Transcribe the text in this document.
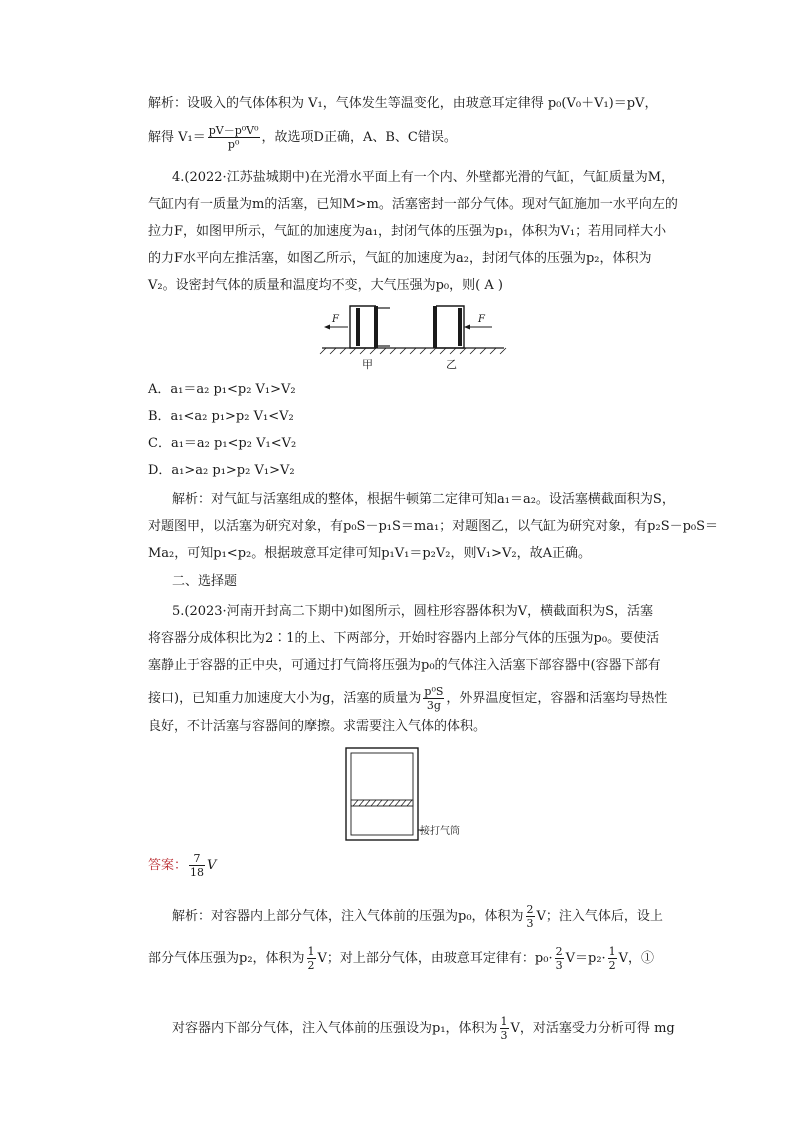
解析：设吸入的气体体积为 V₁，气体发生等温变化，由玻意耳定律得 p₀(V₀＋V₁)＝pV，
解得 $V_1= \frac{\text{pV－p⁰V⁰}}{\text{p⁰}}$ ，故选项D正确，A、B、C错误。
4.(2022·江苏盐城期中)在光滑水平面上有一个内、外壁都光滑的气缸，气缸质量为M，
气缸内有一质量为m的活塞，已知M>m。活塞密封一部分气体。现对气缸施加一水平向左的
拉力F，如图甲所示，气缸的加速度为a₁，封闭气体的压强为p₁，体积为V₁；若用同样大小
的力F水平向左推活塞，如图乙所示，气缸的加速度为a₂，封闭气体的压强为p₂，体积为
V₂。设密封气体的质量和温度均不变，大气压强为p₀，则( A )
F	F
甲	乙
A．a₁＝a₂ p₁<p₂ V₁>V₂
B．a₁<a₂ p₁>p₂ V₁<V₂
C．a₁＝a₂ p₁<p₂ V₁<V₂
D．a₁>a₂ p₁>p₂ V₁>V₂
解析：对气缸与活塞组成的整体，根据牛顿第二定律可知a₁＝a₂。设活塞横截面积为S，
对题图甲，以活塞为研究对象，有p₀S－p₁S＝ma₁；对题图乙，以气缸为研究对象，有p₂S－p₀S＝
Ma₂，可知p₁<p₂。根据玻意耳定律可知p₁V₁＝p₂V₂，则V₁>V₂，故A正确。
二、选择题
5.(2023·河南开封高二下期中)如图所示，圆柱形容器体积为V，横截面积为S，活塞
将容器分成体积比为2∶1的上、下两部分，开始时容器内上部分气体的压强为p₀。要使活
塞静止于容器的正中央，可通过打气筒将压强为p₀的气体注入活塞下部容器中(容器下部有
接口)，已知重力加速度大小为g，活塞的质量为 $\frac{\text{p⁰S}}{3g}$ ，外界温度恒定，容器和活塞均导热性
良好，不计活塞与容器间的摩擦。求需要注入气体的体积。
接打气筒
答案： $\frac{7}{18}$ V
解析：对容器内上部分气体，注入气体前的压强为p₀，体积为 $\frac{2}{3}$ V；注入气体后，设上
部分气体压强为p₂，体积为 $\frac{1}{2}$ V；对上部分气体，由玻意耳定律有：$p_0\cdot \frac{2}{3} V=p_2\cdot \frac{1}{2}$ V，①
对容器内下部分气体，注入气体前的压强设为p₁，体积为 $\frac{1}{3}$ V，对活塞受力分析可得 mg
